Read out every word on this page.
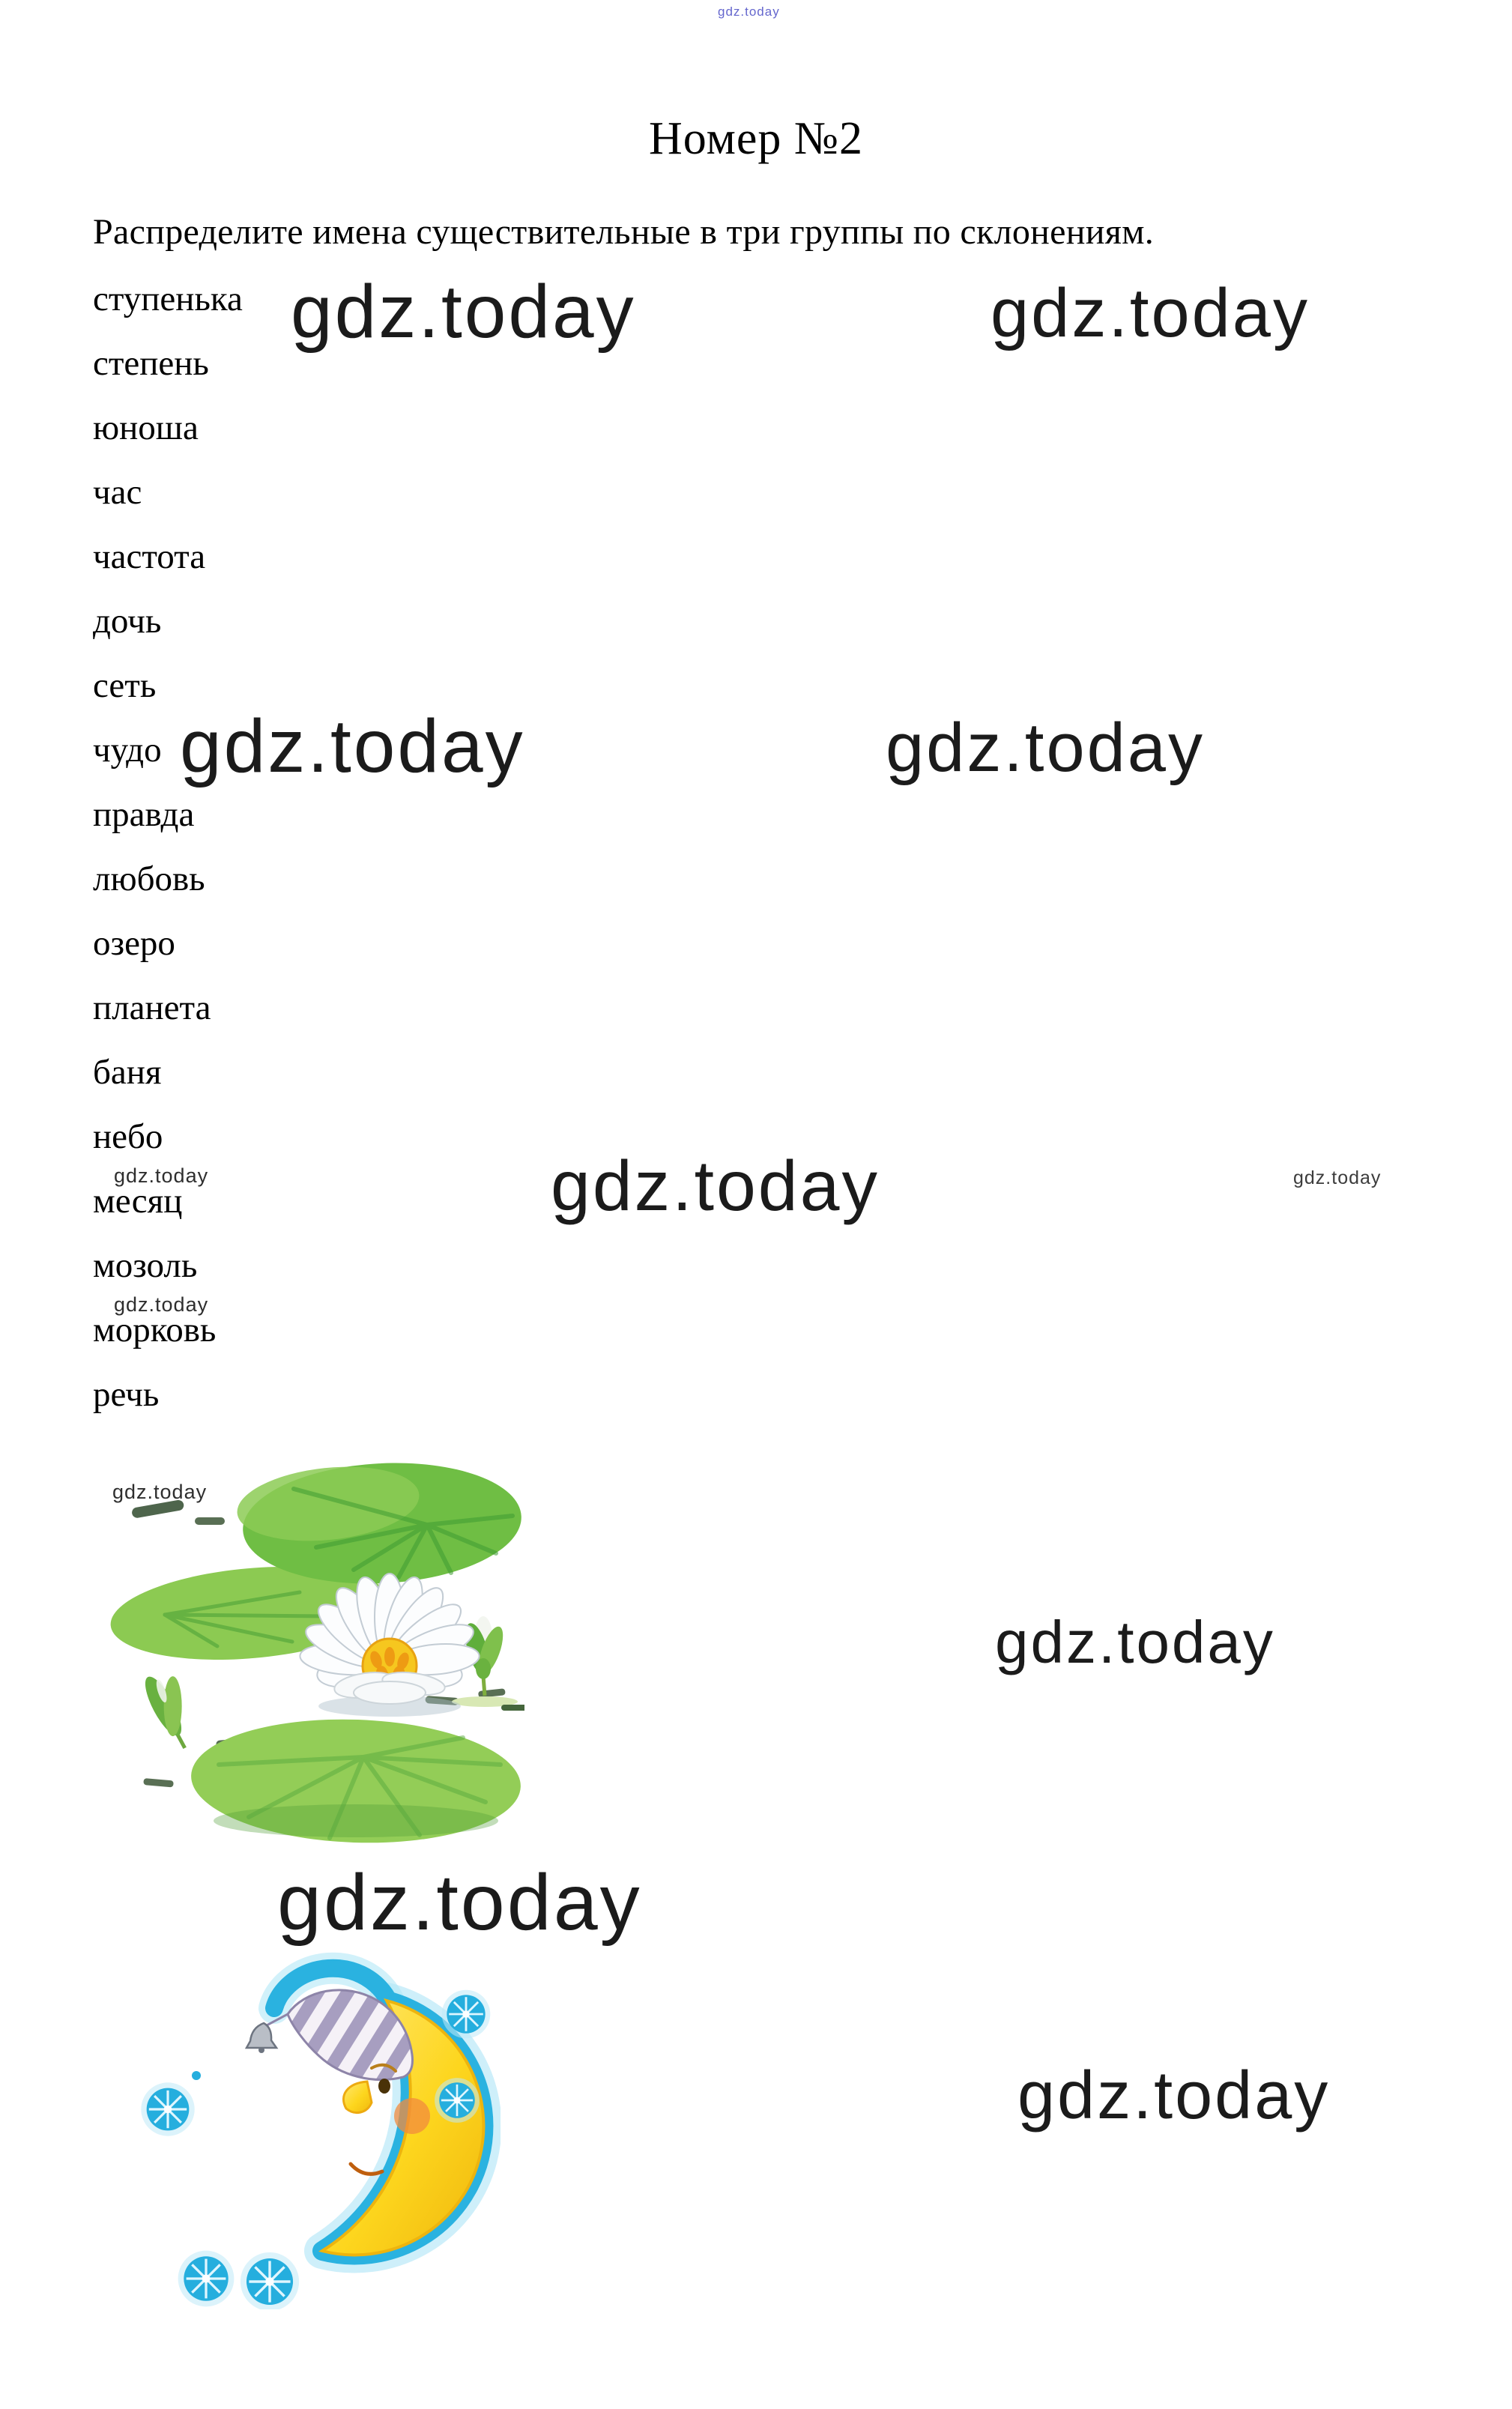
gdz.today
Номер №2

Распределите имена существительные в три группы по склонениям.

ступенька
степень
юноша
час
частота
дочь
сеть
чудо
правда
любовь
озеро
планета
баня
небо
месяц
мозоль
морковь
речь
gdz.today	gdz.today
gdz.today	gdz.today
gdz.today
gdz.today
gdz.today
gdz.today
gdz.today
gdz.today
gdz.today
gdz.today
